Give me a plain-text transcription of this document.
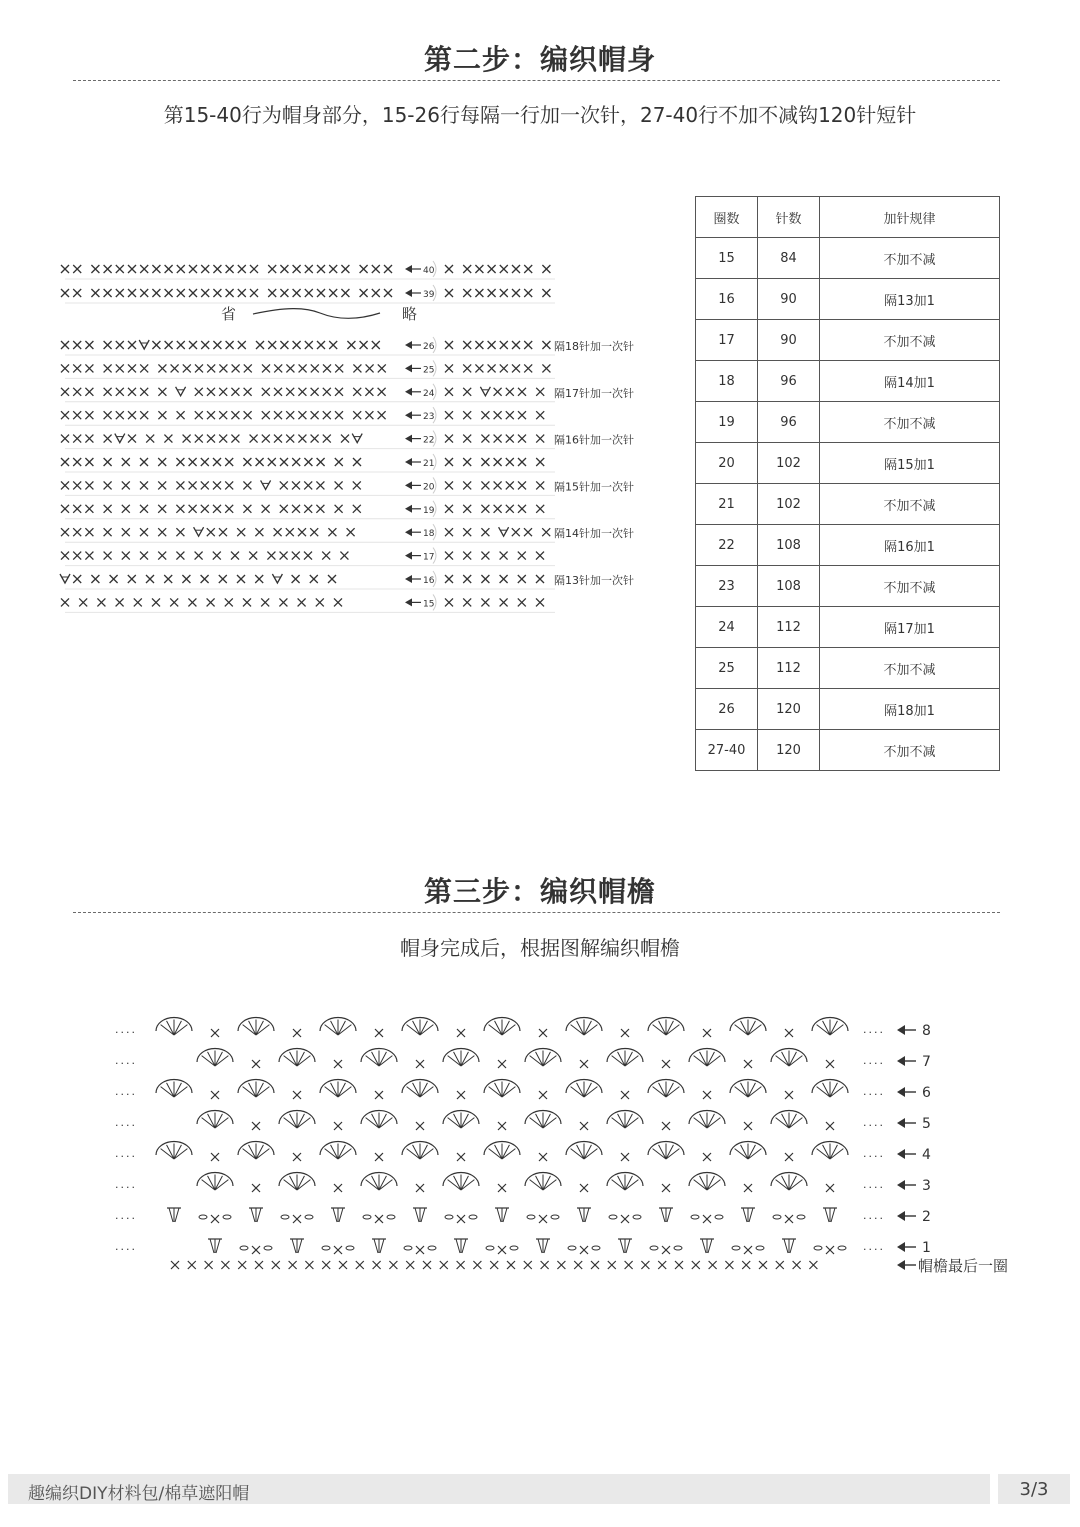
第二步：编织帽身
第15-40行为帽身部分，15-26行每隔一行加一次针，27-40行不加不减钩120针短针
40
39
26	隔18针加一次针
25
24	隔17针加一次针
23
22	隔16针加一次针
21
20	隔15针加一次针
19
18	隔14针加一次针
17
16	隔13针加一次针
15
省	略
圈数	针数	加针规律
15	84	不加不减
16	90	隔13加1
17	90	不加不减
18	96	隔14加1
19	96	不加不减
20	102	隔15加1
21	102	不加不减
22	108	隔16加1
23	108	不加不减
24	112	隔17加1
25	112	不加不减
26	120	隔18加1
27-40	120	不加不减
第三步：编织帽檐
帽身完成后，根据图解编织帽檐
....	....	8
....	....	7
....	....	6
....	....	5
....	....	4
....	....	3
....	....	2
....	....	1
帽檐最后一圈
趣编织DIY材料包/棉草遮阳帽	3/3
